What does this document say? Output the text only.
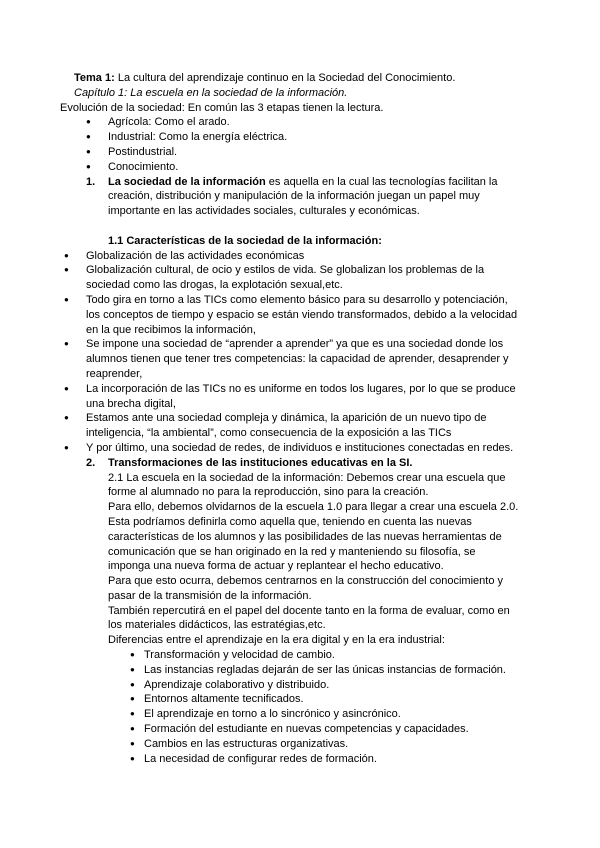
Tema 1: La cultura del aprendizaje continuo en la Sociedad del Conocimiento.

Capítulo 1: La escuela en la sociedad de la información.

Evolución de la sociedad: En común las 3 etapas tienen la lectura.

● Agrícola: Como el arado.
● Industrial: Como la energía eléctrica.
● Postindustrial.
● Conocimiento.
1. La sociedad de la información es aquella en la cual las tecnologías facilitan la creación, distribución y manipulación de la información juegan un papel muy importante en las actividades sociales, culturales y económicas.

1.1 Características de la sociedad de la información:

● Globalización de las actividades económicas
● Globalización cultural, de ocio y estilos de vida. Se globalizan los problemas de la sociedad como las drogas, la explotación sexual,etc.
● Todo gira en torno a las TICs como elemento básico para su desarrollo y potenciación, los conceptos de tiempo y espacio se están viendo transformados, debido a la velocidad en la que recibimos la información,
● Se impone una sociedad de “aprender a aprender” ya que es una sociedad donde los alumnos tienen que tener tres competencias: la capacidad de aprender, desaprender y reaprender,
● La incorporación de las TICs no es uniforme en todos los lugares, por lo que se produce una brecha digital,
● Estamos ante una sociedad compleja y dinámica, la aparición de un nuevo tipo de inteligencia, “la ambiental”, como consecuencia de la exposición a las TICs
● Y por último, una sociedad de redes, de individuos e instituciones conectadas en redes.
2. Transformaciones de las instituciones educativas en la SI.

2.1 La escuela en la sociedad de la información: Debemos crear una escuela que forme al alumnado no para la reproducción, sino para la creación.

Para ello, debemos olvidarnos de la escuela 1.0 para llegar a crear una escuela 2.0. Esta podríamos definirla como aquella que, teniendo en cuenta las nuevas características de los alumnos y las posibilidades de las nuevas herramientas de comunicación que se han originado en la red y manteniendo su filosofía, se imponga una nueva forma de actuar y replantear el hecho educativo.

Para que esto ocurra, debemos centrarnos en la construcción del conocimiento y pasar de la transmisión de la información.

También repercutirá en el papel del docente tanto en la forma de evaluar, como en los materiales didácticos, las estratégias,etc.

Diferencias entre el aprendizaje en la era digital y en la era industrial:

● Transformación y velocidad de cambio.
● Las instancias regladas dejarán de ser las únicas instancias de formación.
● Aprendizaje colaborativo y distribuido.
● Entornos altamente tecnificados.
● El aprendizaje en torno a lo sincrónico y asincrónico.
● Formación del estudiante en nuevas competencias y capacidades.
● Cambios en las estructuras organizativas.
● La necesidad de configurar redes de formación.
